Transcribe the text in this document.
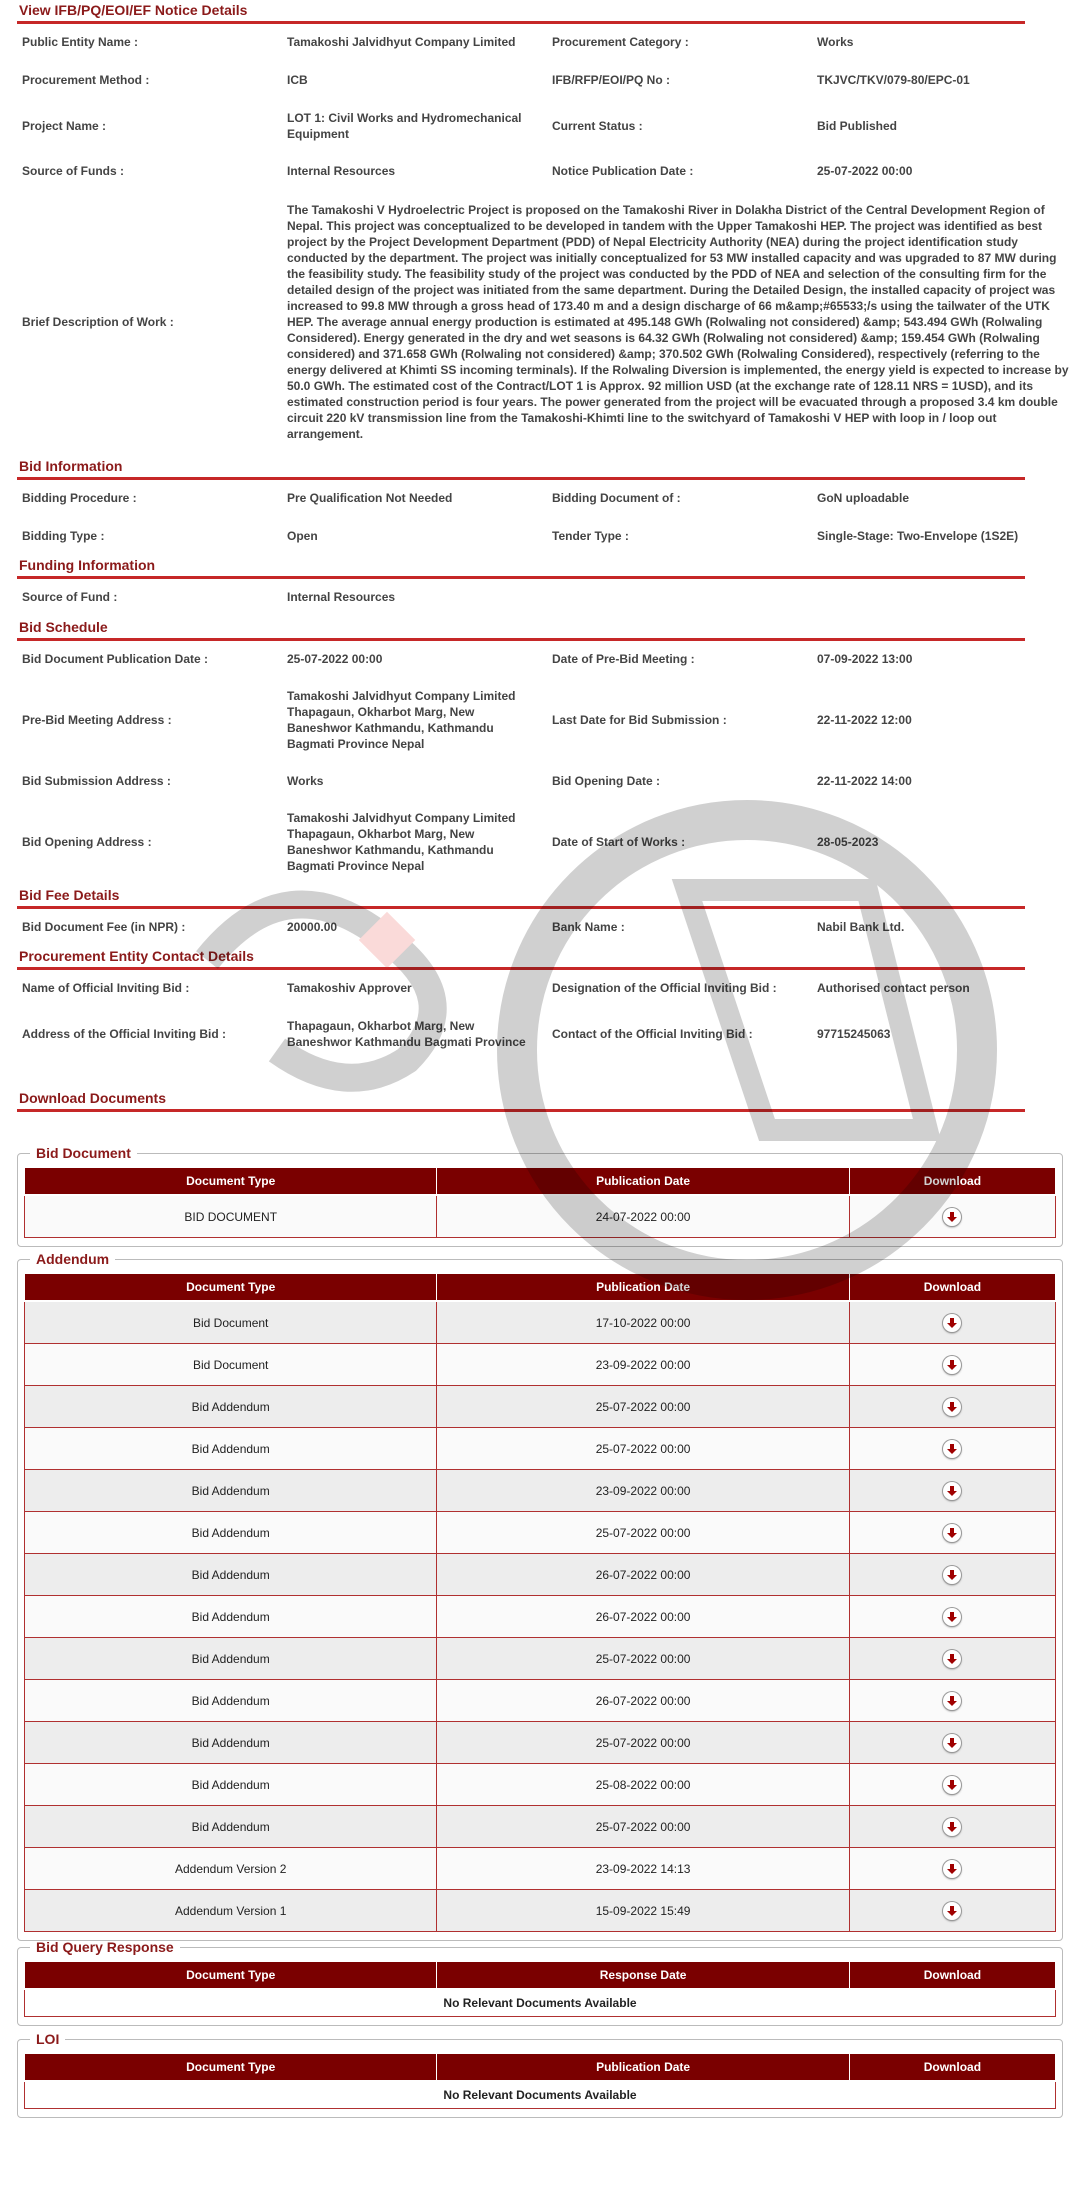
View IFB/PQ/EOI/EF Notice Details
Public Entity Name :	Tamakoshi Jalvidhyut Company Limited	Procurement Category :	Works
Procurement Method :	ICB	IFB/RFP/EOI/PQ No :	TKJVC/TKV/079-80/EPC-01
Project Name :	LOT 1: Civil Works and Hydromechanical Equipment	Current Status :	Bid Published
Source of Funds :	Internal Resources	Notice Publication Date :	25-07-2022 00:00
Brief Description of Work :	The Tamakoshi V Hydroelectric Project is proposed on the Tamakoshi River in Dolakha District of the Central Development Region of Nepal. This project was conceptualized to be developed in tandem with the Upper Tamakoshi HEP. The project was identified as best project by the Project Development Department (PDD) of Nepal Electricity Authority (NEA) during the project identification study conducted by the department. The project was initially conceptualized for 53 MW installed capacity and was upgraded to 87 MW during the feasibility study. The feasibility study of the project was conducted by the PDD of NEA and selection of the consulting firm for the detailed design of the project was initiated from the same department. During the Detailed Design, the installed capacity of project was increased to 99.8 MW through a gross head of 173.40 m and a design discharge of 66 m&amp;#65533;/s using the tailwater of the UTK HEP. The average annual energy production is estimated at 495.148 GWh (Rolwaling not considered) &amp; 543.494 GWh (Rolwaling Considered). Energy generated in the dry and wet seasons is 64.32 GWh (Rolwaling not considered) &amp; 159.454 GWh (Rolwaling considered) and 371.658 GWh (Rolwaling not considered) &amp; 370.502 GWh (Rolwaling Considered), respectively (referring to the energy delivered at Khimti SS incoming terminals). If the Rolwaling Diversion is implemented, the energy yield is expected to increase by 50.0 GWh. The estimated cost of the Contract/LOT 1 is Approx. 92 million USD (at the exchange rate of 128.11 NRS = 1USD), and its estimated construction period is four years. The power generated from the project will be evacuated through a proposed 3.4 km double circuit 220 kV transmission line from the Tamakoshi-Khimti line to the switchyard of Tamakoshi V HEP with loop in / loop out arrangement.		
Bid Information
Bidding Procedure :	Pre Qualification Not Needed	Bidding Document of :	GoN uploadable
Bidding Type :	Open	Tender Type :	Single-Stage: Two-Envelope (1S2E)
Funding Information
Source of Fund :	Internal Resources		
Bid Schedule
Bid Document Publication Date :	25-07-2022 00:00	Date of Pre-Bid Meeting :	07-09-2022 13:00
Pre-Bid Meeting Address :	Tamakoshi Jalvidhyut Company Limited Thapagaun, Okharbot Marg, New Baneshwor Kathmandu, Kathmandu Bagmati Province Nepal	Last Date for Bid Submission :	22-11-2022 12:00
Bid Submission Address :	Works	Bid Opening Date :	22-11-2022 14:00
Bid Opening Address :	Tamakoshi Jalvidhyut Company Limited Thapagaun, Okharbot Marg, New Baneshwor Kathmandu, Kathmandu Bagmati Province Nepal	Date of Start of Works :	28-05-2023
Bid Fee Details
Bid Document Fee (in NPR) :	20000.00	Bank Name :	Nabil Bank Ltd.
Procurement Entity Contact Details
Name of Official Inviting Bid :	Tamakoshiv Approver	Designation of the Official Inviting Bid :	Authorised contact person
Address of the Official Inviting Bid :	Thapagaun, Okharbot Marg, New Baneshwor Kathmandu Bagmati Province	Contact of the Official Inviting Bid :	97715245063
Download Documents
Bid Document
Document Type	Publication Date	Download
BID DOCUMENT	24-07-2022 00:00	
Addendum
Document Type	Publication Date	Download
Bid Document	17-10-2022 00:00	

Bid Document	23-09-2022 00:00	

Bid Addendum	25-07-2022 00:00	

Bid Addendum	25-07-2022 00:00	

Bid Addendum	23-09-2022 00:00	

Bid Addendum	25-07-2022 00:00	

Bid Addendum	26-07-2022 00:00	

Bid Addendum	26-07-2022 00:00	

Bid Addendum	25-07-2022 00:00	

Bid Addendum	26-07-2022 00:00	

Bid Addendum	25-07-2022 00:00	

Bid Addendum	25-08-2022 00:00	

Bid Addendum	25-07-2022 00:00	

Addendum Version 2	23-09-2022 14:13	

Addendum Version 1	15-09-2022 15:49	
Bid Query Response
Document Type	Response Date	Download
No Relevant Documents Available
LOI
Document Type	Publication Date	Download
No Relevant Documents Available
